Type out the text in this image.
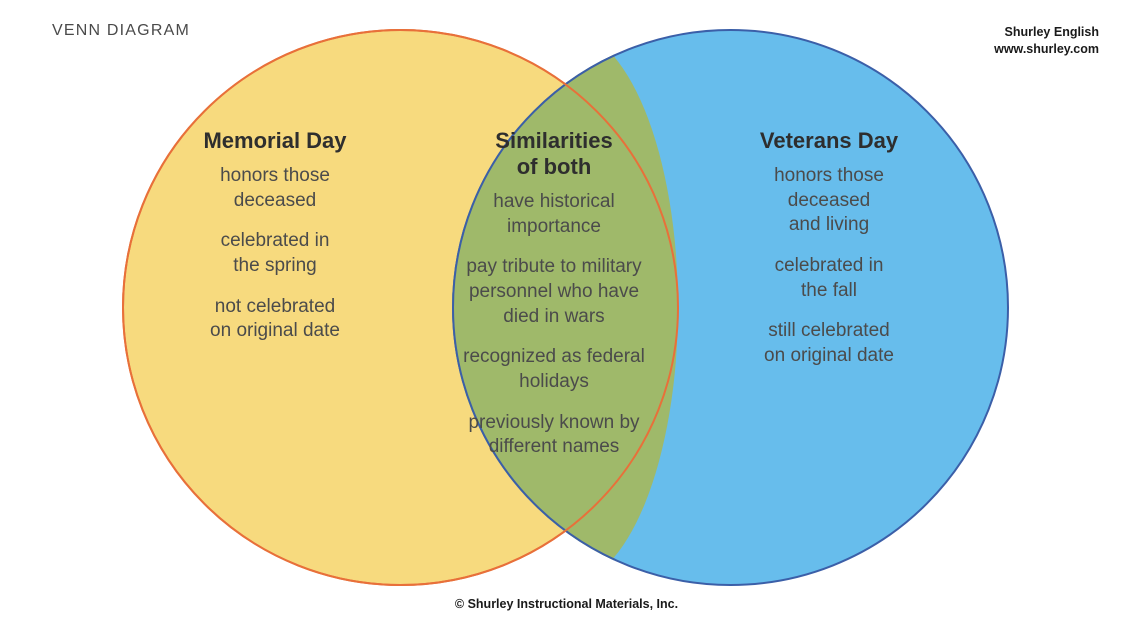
VENN DIAGRAM	Shurley English
www.shurley.com
Memorial Day

honors those
deceased

celebrated in
the spring

not celebrated
on original date

Similarities
of both

have historical
importance

pay tribute to military
personnel who have
died in wars

recognized as federal
holidays

previously known by
different names

Veterans Day

honors those
deceased
and living

celebrated in
the fall

still celebrated
on original date

© Shurley Instructional Materials, Inc.
